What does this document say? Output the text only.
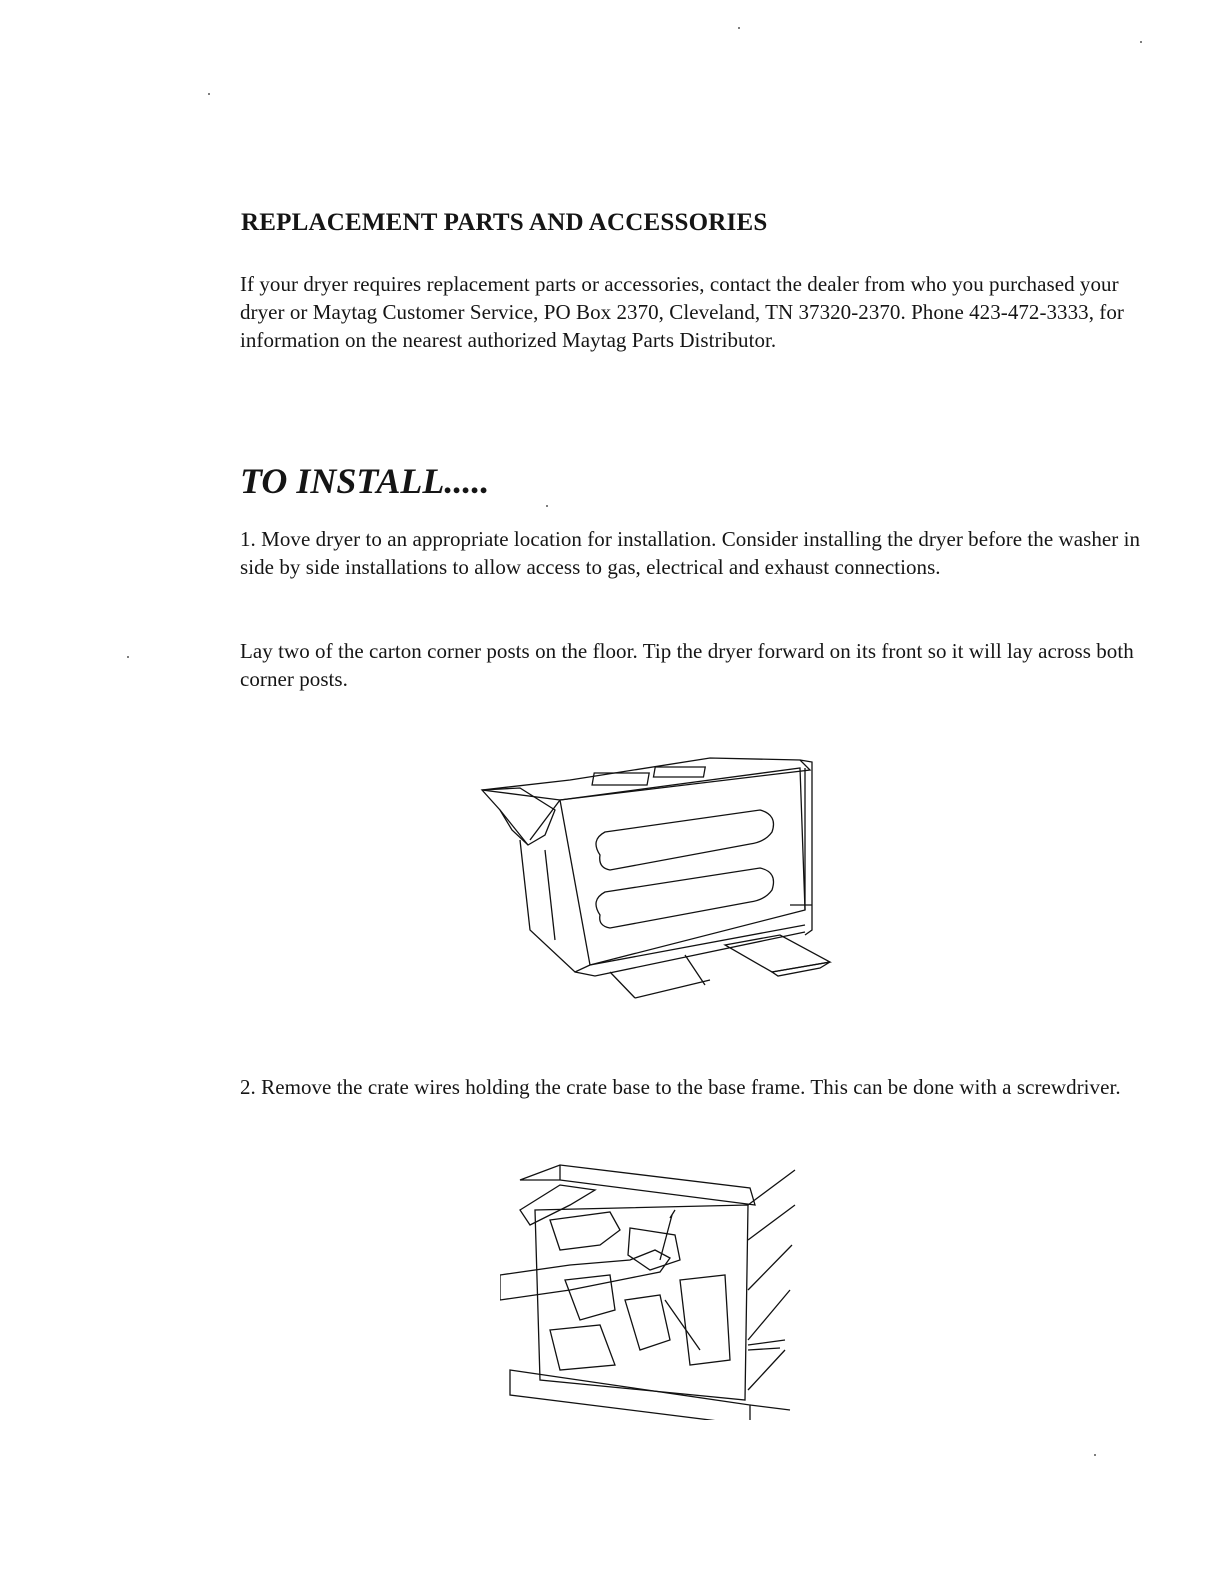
REPLACEMENT PARTS AND ACCESSORIES

If your dryer requires replacement parts or accessories, contact the dealer from who you purchased your dryer or Maytag Customer Service, PO Box 2370, Cleveland, TN 37320-2370. Phone 423-472-3333, for information on the nearest authorized Maytag Parts Distributor.

TO INSTALL.....

1. Move dryer to an appropriate location for installation. Consider installing the dryer before the washer in side by side installations to allow access to gas, electrical and exhaust connections.

Lay two of the carton corner posts on the floor. Tip the dryer forward on its front so it will lay across both corner posts.

2. Remove the crate wires holding the crate base to the base frame. This can be done with a screwdriver.
